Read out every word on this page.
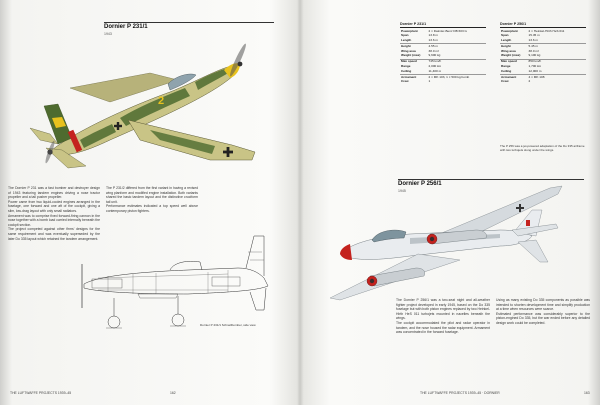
Dornier P 231/1
1943
2

The Dornier P 231 was a fast bomber and destroyer design of 1943 featuring tandem engines driving a nose tractor propeller and a tail pusher propeller.

Power came from two liquid-cooled engines arranged in the fuselage, one forward and one aft of the cockpit, giving a slim, low-drag layout with only small radiators.

Armament was to comprise fixed forward-firing cannon in the nose together with a bomb load carried internally beneath the cockpit section.

The project competed against other firms' designs for the same requirement and was eventually superseded by the later Do 335 layout which retained the tandem arrangement.

The P 231/2 differed from the first variant in having a revised wing planform and modified engine installation. Both variants shared the basic tandem layout and the distinctive cruciform tail unit.

Performance estimates indicated a top speed well above contemporary piston fighters.

Dornier P 231/1 Schnellbomber, side view
THE LUFTWAFFE PROJECTS 1939–45	162
Dornier P 231/1
Powerplant	2 × Daimler-Benz DB 603 G
Span	13.8 m
Length	13.6 m
Height	4.55 m
Wing area	38.0 m²
Weight (max)	9,600 kg
Max speed	745 km/h
Range	2,000 km
Ceiling	11,400 m
Armament	2 × MK 103, 1 × 500 kg bomb
Crew	1
Dornier P 256/1
Powerplant	2 × Heinkel-Hirth HeS 011
Span	15.45 m
Length	13.6 m
Height	5.45 m
Wing area	38.0 m²
Weight (max)	9,100 kg
Max speed	850 km/h
Range	1,700 km
Ceiling	12,000 m
Armament	4 × MK 108
Crew	2
The P 256 was a jet-powered adaptation of the Do 335 airframe with two turbojets slung under the wings.
Dornier P 256/1
1945

The Dornier P 256/1 was a two-seat night and all-weather fighter project developed in early 1945, based on the Do 335 fuselage but with both piston engines replaced by two Heinkel-Hirth HeS 011 turbojets mounted in nacelles beneath the wings.

The cockpit accommodated the pilot and radar operator in tandem, and the nose housed the radar equipment. Armament was concentrated in the forward fuselage.

Using as many existing Do 335 components as possible was intended to shorten development time and simplify production at a time when resources were scarce.

Estimated performance was considerably superior to the piston-engined Do 335, but the war ended before any detailed design work could be completed.

THE LUFTWAFFE PROJECTS 1939–45 · DORNIER	163
